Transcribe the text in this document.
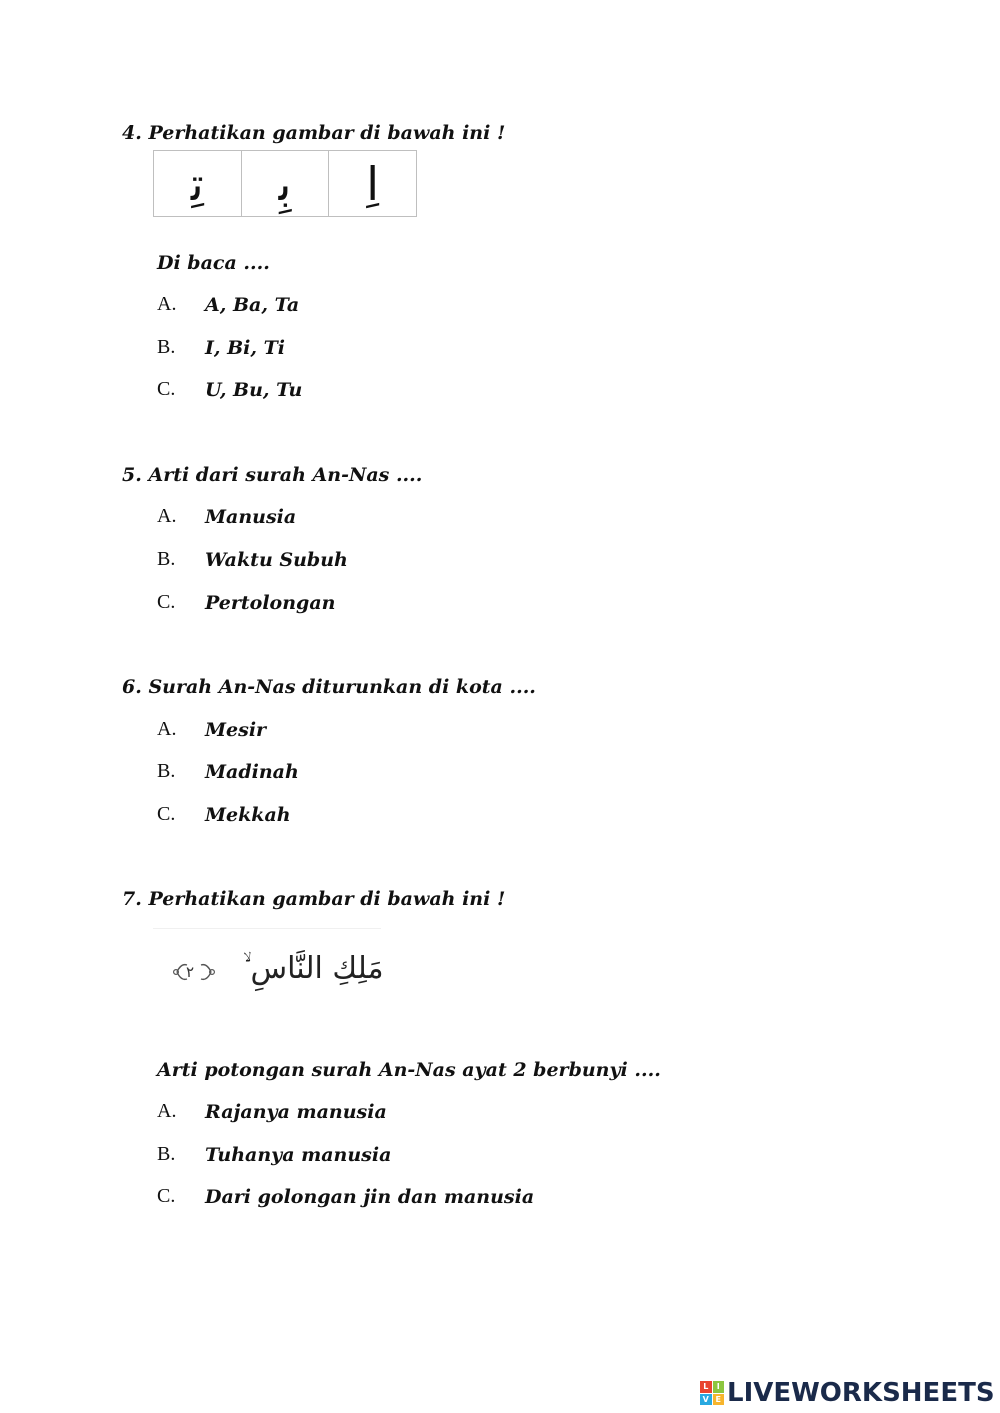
4. Perhatikan gambar di bawah ini !
ﺗِ	ﺑِ	اِ
Di baca ....
A. A, Ba, Ta
B. I, Bi, Ti
C. U, Bu, Tu
5. Arti dari surah An-Nas ....
A. Manusia
B. Waktu Subuh
C. Pertolongan
6. Surah An-Nas diturunkan di kota ....
A. Mesir
B. Madinah
C. Mekkah
7. Perhatikan gambar di bawah ini !
مَلِكِ النَّاسِ ۙ
٢
Arti potongan surah An-Nas ayat 2 berbunyi ....
A. Rajanya manusia
B. Tuhanya manusia
C. Dari golongan jin dan manusia
L	I
V E LIVEWORKSHEETS
